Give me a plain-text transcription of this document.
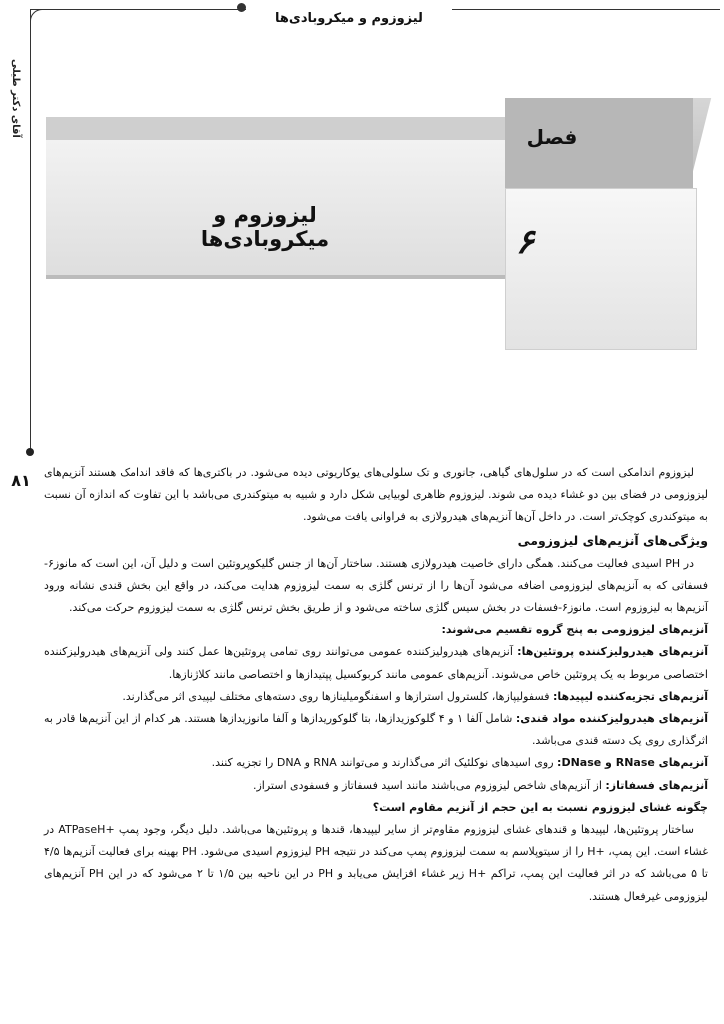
لیزوزوم و میکروبادی‌ها
آقای دکتر طیلی
۸۱
فصل
۶
لیزوزوم و میکروبادی‌ها

لیزوزوم اندامکی است که در سلول‌های گیاهی، جانوری و تک سلولی‌های یوکاریوتی دیده می‌شود. در باکتری‌ها که فاقد اندامک هستند آنزیم‌های لیزوزومی در فضای بین دو غشاء دیده می شوند. لیزوزوم ظاهری لوبیایی شکل دارد و شبیه به میتوکندری می‌باشد با این تفاوت که اندازه آن نسبت به میتوکندری کوچک‌تر است. در داخل آن‌ها آنزیم‌های هیدرولازی به فراوانی یافت می‌شود.

ویژگی‌های آنزیم‌های لیزوزومی

در PH اسیدی فعالیت می‌کنند. همگی دارای خاصیت هیدرولازی هستند. ساختار آن‌ها از جنس گلیکوپروتئین است و دلیل آن، این است که مانوز۶-فسفاتی که به آنزیم‌های لیزوزومی اضافه می‌شود آن‌ها را از ترنس گلژی به سمت لیزوزوم هدایت می‌کند، در واقع این بخش قندی نشانه ورود آنزیم‌ها به لیزوزوم است. مانوز۶-فسفات در بخش سیس گلژی ساخته می‌شود و از طریق بخش ترنس گلژی به سمت لیزوزوم حرکت می‌کند.

آنزیم‌های لیزوزومی به پنج گروه تقسیم می‌شوند:

آنزیم‌های هیدرولیزکننده پروتئین‌ها: آنزیم‌های هیدرولیزکننده عمومی می‌توانند روی تمامی پروتئین‌ها عمل کنند ولی آنزیم‌های هیدرولیزکننده اختصاصی مربوط به یک پروتئین خاص می‌شوند. آنزیم‌های عمومی مانند کربوکسیل پپتیدازها و اختصاصی مانند کلاژنازها.

آنزیم‌های تجزیه‌کننده لیپیدها: فسفولیپازها، کلسترول استرازها و اسفنگومیلینازها روی دسته‌های مختلف لیپیدی اثر می‌گذارند.

آنزیم‌های هیدرولیزکننده مواد قندی: شامل آلفا ۱ و ۴ گلوکوزیدازها، بتا گلوکوریدازها و آلفا مانوزیدازها هستند. هر کدام از این آنزیم‌ها قادر به اثرگذاری روی یک دسته قندی می‌باشد.

آنزیم‌های RNase و DNase: روی اسیدهای نوکلئیک اثر می‌گذارند و می‌توانند RNA و DNA را تجزیه کنند.

آنزیم‌های فسفاتاز: از آنزیم‌های شاخص لیزوزوم می‌باشند مانند اسید فسفاتاز و فسفودی استراز.

چگونه غشای لیزوزوم نسبت به این حجم از آنزیم مقاوم است؟

ساختار پروتئین‌ها، لیپیدها و قندهای غشای لیزوزوم مقاوم‌تر از سایر لیپیدها، قندها و پروتئین‌ها می‌باشد. دلیل دیگر، وجود پمپ +ATPaseH در غشاء است. این پمپ، +H را از سیتوپلاسم به سمت لیزوزوم پمپ می‌کند در نتیجه PH لیزوزوم اسیدی می‌شود. PH بهینه برای فعالیت آنزیم‌ها ۴/۵ تا ۵ می‌باشد که در اثر فعالیت این پمپ، تراکم +H زیر غشاء افزایش می‌یابد و PH در این ناحیه بین ۱/۵ تا ۲ می‌شود که در این PH آنزیم‌های لیزوزومی غیرفعال هستند.
